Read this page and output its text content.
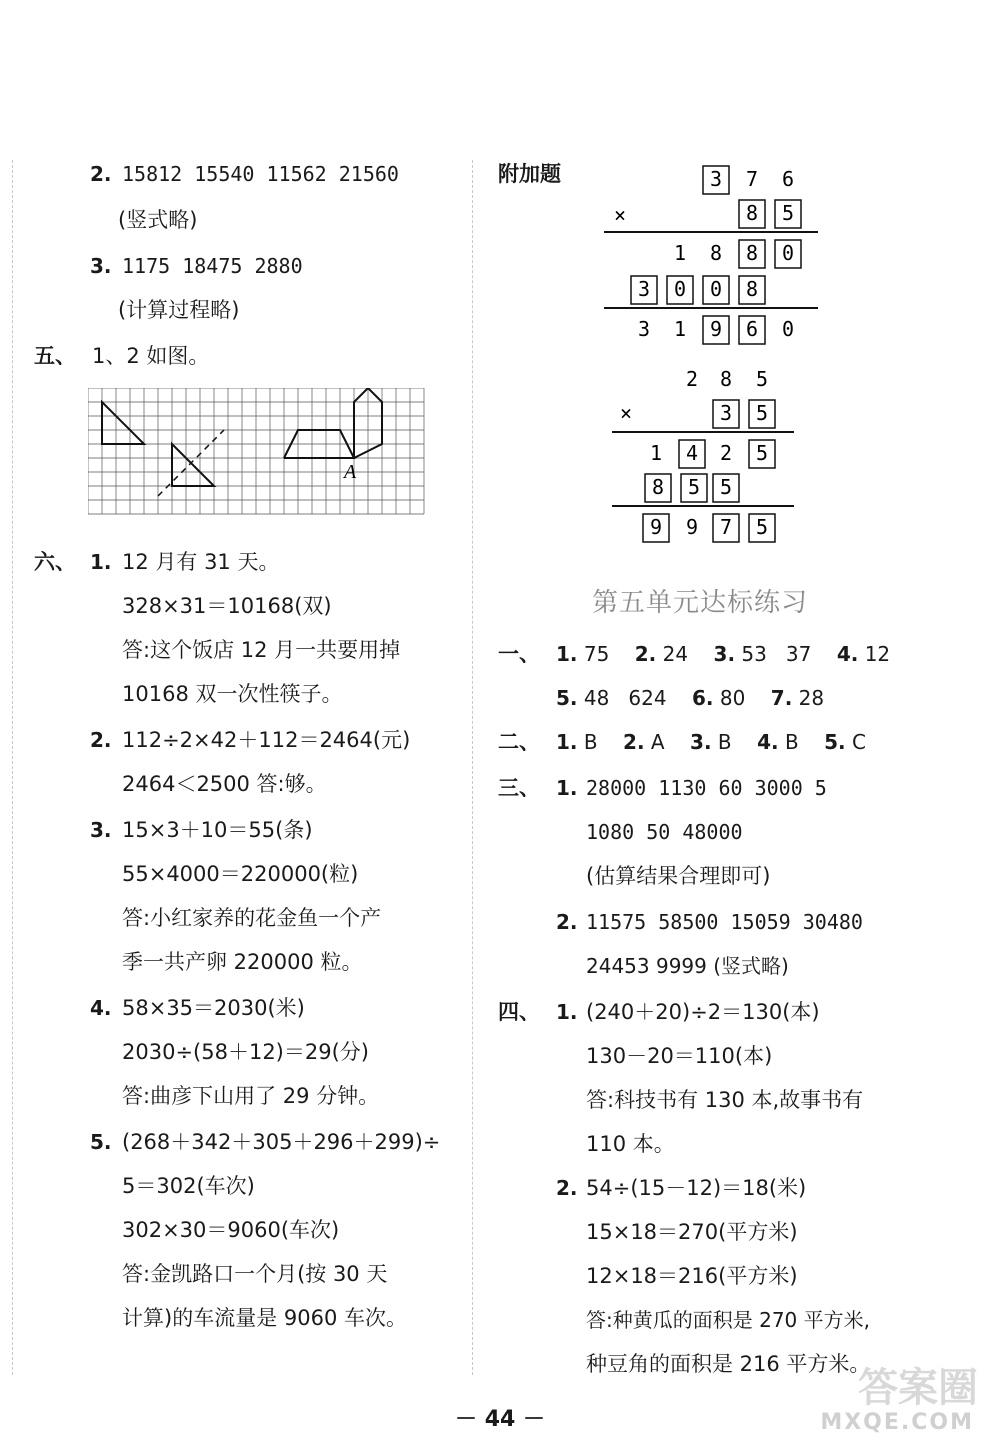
2. 15812 15540 11562 21560
(竖式略)
3. 1175 18475 2880
(计算过程略)
五、 1、2 如图。
A
六、 1. 12 月有 31 天。
328×31＝10168(双)
答:这个饭店 12 月一共要用掉
10168 双一次性筷子。
2. 112÷2×42＋112＝2464(元)
2464＜2500 答:够。
3. 15×3＋10＝55(条)
55×4000＝220000(粒)
答:小红家养的花金鱼一个产
季一共产卵 220000 粒。
4. 58×35＝2030(米)
2030÷(58＋12)＝29(分)
答:曲彦下山用了 29 分钟。
5. (268＋342＋305＋296＋299)÷
5＝302(车次)
302×30＝9060(车次)
答:金凯路口一个月(按 30 天
计算)的车流量是 9060 车次。
附加题	3 7 6
×	8 5
1 8 8 0
3 0 0 8
3 1 9 6 0
2 8 5
×	3 5
1 4 2 5
8 5 5
9 9 7 5
第五单元达标练习
一、 1. 75 2. 24 3. 53   37 4. 12
5. 48   624 6. 80 7. 28
二、 1. B 2. A 3. B 4. B 5. C
三、 1. 28000 1130 60 3000 5
1080 50 48000
(估算结果合理即可)
2. 11575 58500 15059 30480
24453 9999 (竖式略)
四、 1. (240＋20)÷2＝130(本)
130－20＝110(本)
答:科技书有 130 本,故事书有
110 本。
2. 54÷(15－12)＝18(米)
15×18＝270(平方米)
12×18＝216(平方米)
答:种黄瓜的面积是 270 平方米,
种豆角的面积是 216 平方米。
－ 44 －
答案圈
MXQE.COM
